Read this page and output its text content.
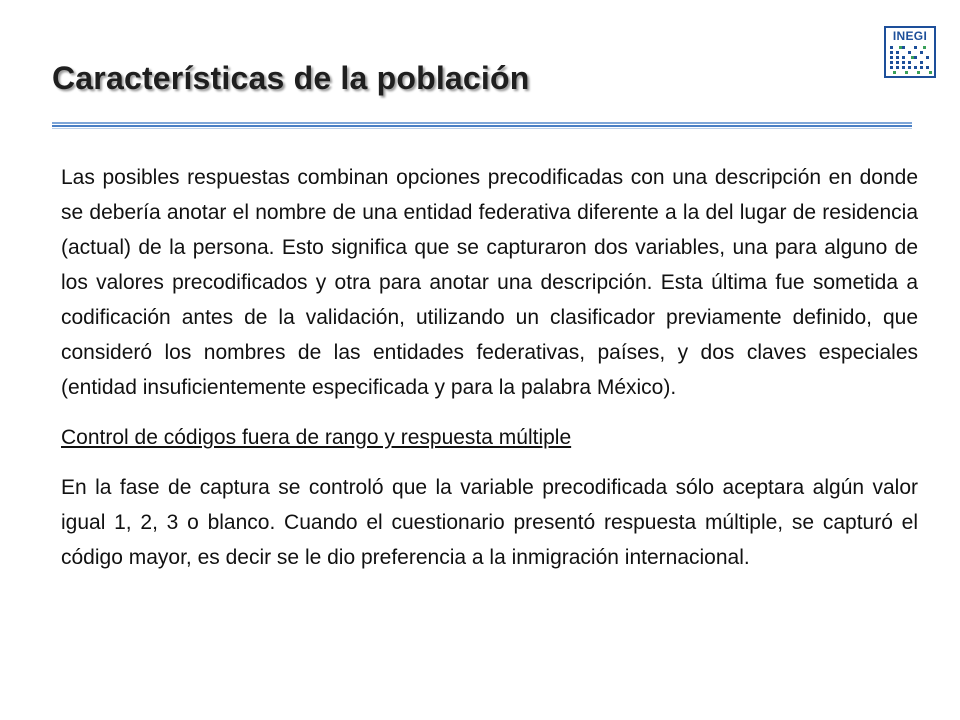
Características de la población
INEGI

Las posibles respuestas combinan opciones precodificadas con una descripción en donde se debería anotar el nombre de una entidad federativa diferente a la del lugar de residencia (actual) de la persona. Esto significa que se capturaron dos variables, una para alguno de los valores precodificados y otra para anotar una descripción. Esta última fue sometida a codificación antes de la validación, utilizando un clasificador previamente definido, que consideró los nombres de las entidades federativas, países, y dos claves especiales (entidad insuficientemente especificada y para la palabra México).

Control de códigos fuera de rango y respuesta múltiple

En la fase de captura se controló que la variable precodificada sólo aceptara algún valor igual 1, 2, 3 o blanco. Cuando el cuestionario presentó respuesta múltiple, se capturó el código mayor, es decir se le dio preferencia a la inmigración internacional.
